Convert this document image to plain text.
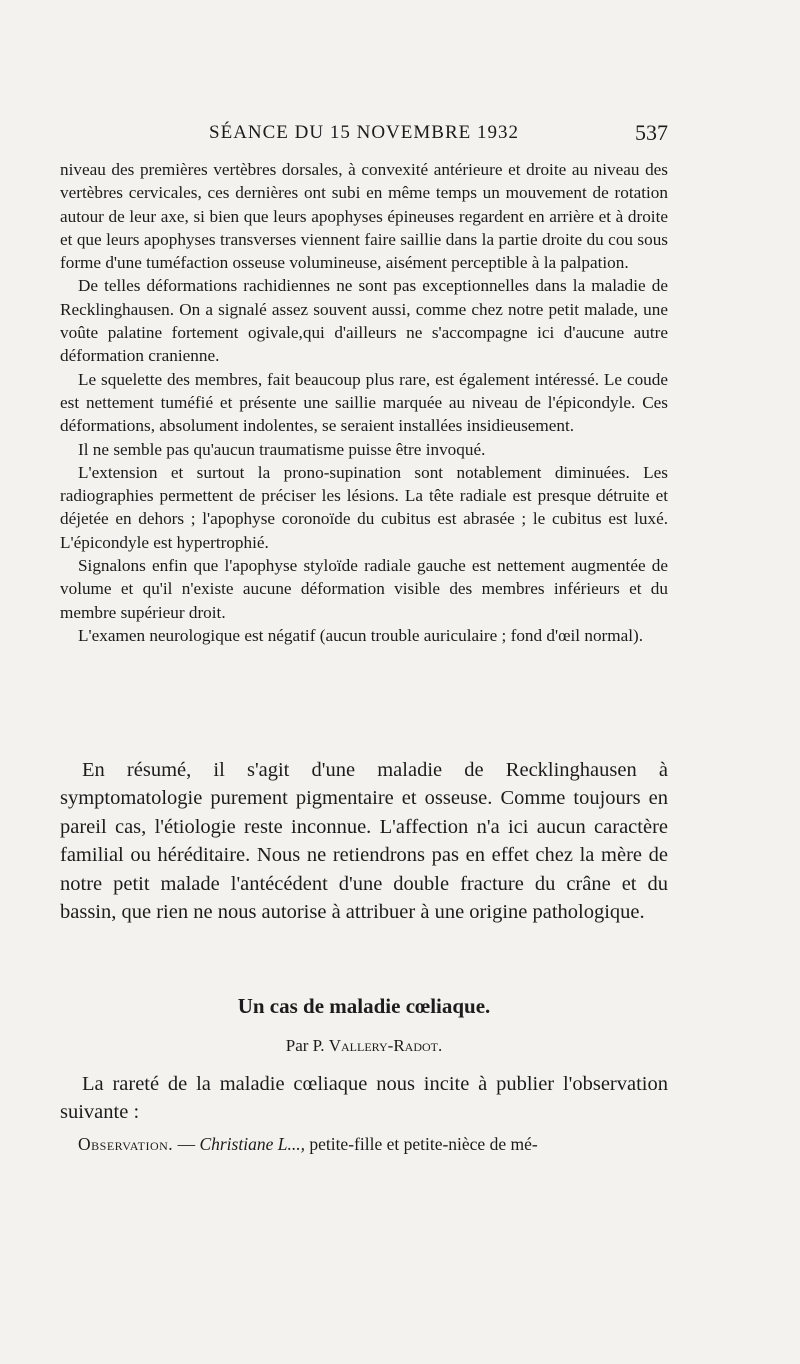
SÉANCE DU 15 NOVEMBRE 1932	537

niveau des premières vertèbres dorsales, à convexité antérieure et droite au niveau des vertèbres cervicales, ces dernières ont subi en même temps un mouvement de rotation autour de leur axe, si bien que leurs apophyses épineuses regardent en arrière et à droite et que leurs apophyses transverses viennent faire saillie dans la partie droite du cou sous forme d'une tuméfaction osseuse volumineuse, aisément perceptible à la palpation.

De telles déformations rachidiennes ne sont pas exceptionnelles dans la maladie de Recklinghausen. On a signalé assez souvent aussi, comme chez notre petit malade, une voûte palatine fortement ogivale,qui d'ailleurs ne s'accompagne ici d'aucune autre déformation cranienne.

Le squelette des membres, fait beaucoup plus rare, est également intéressé. Le coude est nettement tuméfié et présente une saillie marquée au niveau de l'épicondyle. Ces déformations, absolument indolentes, se seraient installées insidieusement.

Il ne semble pas qu'aucun traumatisme puisse être invoqué.

L'extension et surtout la prono-supination sont notablement diminuées. Les radiographies permettent de préciser les lésions. La tête radiale est presque détruite et déjetée en dehors ; l'apophyse coronoïde du cubitus est abrasée ; le cubitus est luxé. L'épicondyle est hypertrophié.

Signalons enfin que l'apophyse styloïde radiale gauche est nettement augmentée de volume et qu'il n'existe aucune déformation visible des membres inférieurs et du membre supérieur droit.

L'examen neurologique est négatif (aucun trouble auriculaire ; fond d'œil normal).

En résumé, il s'agit d'une maladie de Recklinghausen à symptomatologie purement pigmentaire et osseuse. Comme toujours en pareil cas, l'étiologie reste inconnue. L'affection n'a ici aucun caractère familial ou héréditaire. Nous ne retiendrons pas en effet chez la mère de notre petit malade l'antécédent d'une double fracture du crâne et du bassin, que rien ne nous autorise à attribuer à une origine pathologique.

Un cas de maladie cœliaque.
Par P. Vallery-Radot.

La rareté de la maladie cœliaque nous incite à publier l'observation suivante :

Observation. — Christiane L..., petite-fille et petite-nièce de mé-
